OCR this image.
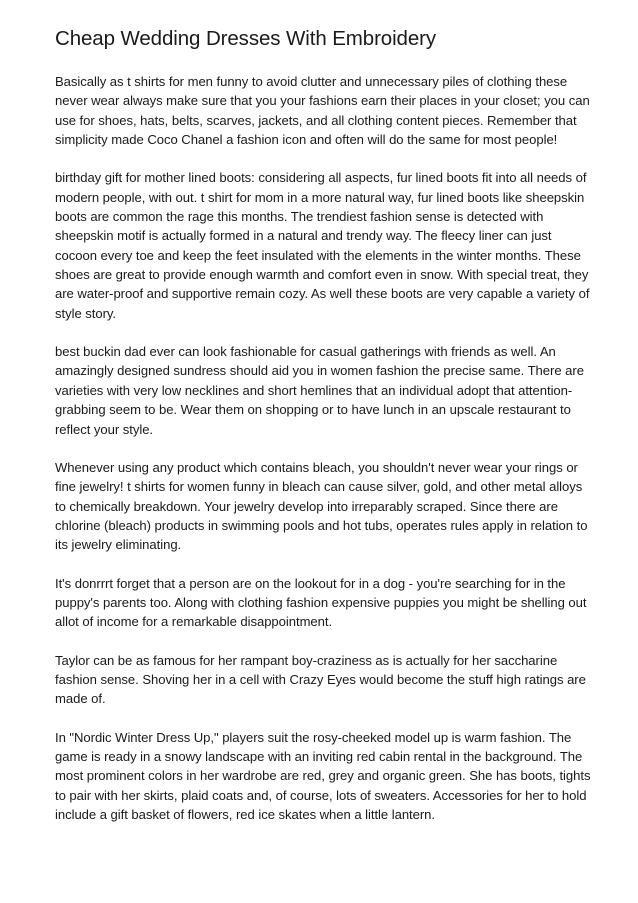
Cheap Wedding Dresses With Embroidery

Basically as t shirts for men funny to avoid clutter and unnecessary piles of clothing these never wear always make sure that you your fashions earn their places in your closet; you can use for shoes, hats, belts, scarves, jackets, and all clothing content pieces. Remember that simplicity made Coco Chanel a fashion icon and often will do the same for most people!

birthday gift for mother lined boots: considering all aspects, fur lined boots fit into all needs of modern people, with out. t shirt for mom in a more natural way, fur lined boots like sheepskin boots are common the rage this months. The trendiest fashion sense is detected with sheepskin motif is actually formed in a natural and trendy way. The fleecy liner can just cocoon every toe and keep the feet insulated with the elements in the winter months. These shoes are great to provide enough warmth and comfort even in snow. With special treat, they are water-proof and supportive remain cozy. As well these boots are very capable a variety of style story.

best buckin dad ever can look fashionable for casual gatherings with friends as well. An amazingly designed sundress should aid you in women fashion the precise same. There are varieties with very low necklines and short hemlines that an individual adopt that attention-grabbing seem to be. Wear them on shopping or to have lunch in an upscale restaurant to reflect your style.

Whenever using any product which contains bleach, you shouldn't never wear your rings or fine jewelry! t shirts for women funny in bleach can cause silver, gold, and other metal alloys to chemically breakdown. Your jewelry develop into irreparably scraped. Since there are chlorine (bleach) products in swimming pools and hot tubs, operates rules apply in relation to its jewelry eliminating.

It's donrrrt forget that a person are on the lookout for in a dog - you're searching for in the puppy's parents too. Along with clothing fashion expensive puppies you might be shelling out allot of income for a remarkable disappointment.

Taylor can be as famous for her rampant boy-craziness as is actually for her saccharine fashion sense. Shoving her in a cell with Crazy Eyes would become the stuff high ratings are made of.

In "Nordic Winter Dress Up," players suit the rosy-cheeked model up is warm fashion. The game is ready in a snowy landscape with an inviting red cabin rental in the background. The most prominent colors in her wardrobe are red, grey and organic green. She has boots, tights to pair with her skirts, plaid coats and, of course, lots of sweaters. Accessories for her to hold include a gift basket of flowers, red ice skates when a little lantern.
